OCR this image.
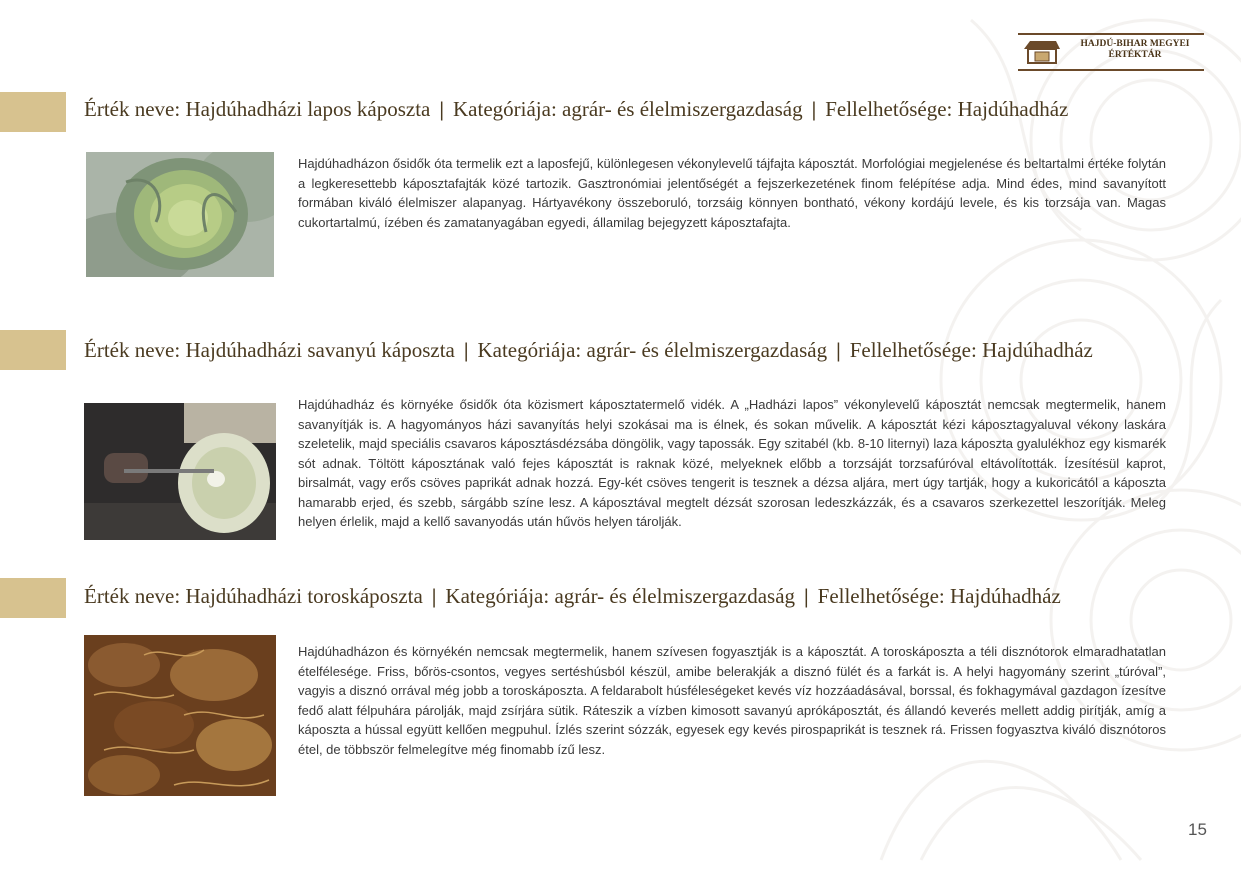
HAJDÚ-BIHAR MEGYEI
ÉRTÉKTÁR
Érték neve: Hajdúhadházi lapos káposzta | Kategóriája: agrár- és élelmiszergazdaság | Fellelhetősége: Hajdúhadház
Hajdúhadházon ősidők óta termelik ezt a laposfejű, különlegesen vékonylevelű tájfajta káposztát. Morfológiai megjelenése és beltartalmi értéke folytán a legkeresettebb káposztafajták közé tartozik. Gasztronómiai jelentőségét a fejszerkezetének finom felépítése adja. Mind édes, mind savanyított formában kiváló élelmiszer alapanyag. Hártyavékony összeboruló, torzsáig könnyen bontható, vékony kordájú levele, és kis torzsája van. Magas cukortartalmú, ízében és zamatanyagában egyedi, államilag bejegyzett káposztafajta.
Érték neve: Hajdúhadházi savanyú káposzta | Kategóriája: agrár- és élelmiszergazdaság | Fellelhetősége: Hajdúhadház
Hajdúhadház és környéke ősidők óta közismert káposztatermelő vidék. A „Hadházi lapos” vékonylevelű káposztát nemcsak megtermelik, hanem savanyítják is. A hagyományos házi savanyítás helyi szokásai ma is élnek, és sokan művelik. A káposztát kézi káposztagyaluval vékony laskára szeletelik, majd speciális csavaros káposztásdézsába döngölik, vagy tapossák. Egy szitabél (kb. 8-10 liternyi) laza káposzta gyalulékhoz egy kismarék sót adnak. Töltött káposztának való fejes káposztát is raknak közé, melyeknek előbb a torzsáját torzsafúróval eltávolították. Ízesítésül kaprot, birsalmát, vagy erős csöves paprikát adnak hozzá. Egy-két csöves tengerit is tesznek a dézsa aljára, mert úgy tartják, hogy a kukoricától a káposzta hamarabb erjed, és szebb, sárgább színe lesz. A káposztával megtelt dézsát szorosan ledeszkázzák, és a csavaros szerkezettel leszorítják. Meleg helyen érlelik, majd a kellő savanyodás után hűvös helyen tárolják.
Érték neve: Hajdúhadházi toroskáposzta | Kategóriája: agrár- és élelmiszergazdaság | Fellelhetősége: Hajdúhadház
Hajdúhadházon és környékén nemcsak megtermelik, hanem szívesen fogyasztják is a káposztát. A toroskáposzta a téli disznótorok elmaradhatatlan ételfélesége. Friss, bőrös-csontos, vegyes sertéshúsból készül, amibe belerakják a disznó fülét és a farkát is. A helyi hagyomány szerint „túróval”, vagyis a disznó orrával még jobb a toroskáposzta. A feldarabolt húsféleségeket kevés víz hozzáadásával, borssal, és fokhagymával gazdagon ízesítve fedő alatt félpuhára párolják, majd zsírjára sütik. Ráteszik a vízben kimosott savanyú aprókáposztát, és állandó keverés mellett addig pirítják, amíg a káposzta a hússal együtt kellően megpuhul. Ízlés szerint sózzák, egyesek egy kevés pirospaprikát is tesznek rá. Frissen fogyasztva kiváló disznótoros étel, de többször felmelegítve még finomabb ízű lesz.
15
